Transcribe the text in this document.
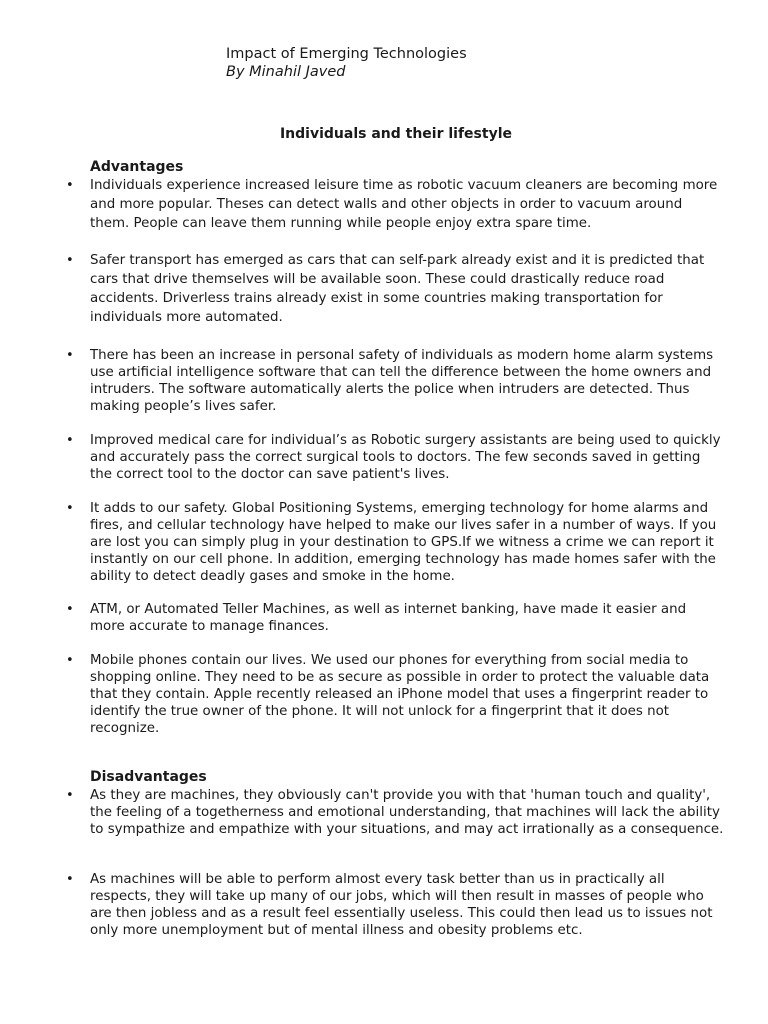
Impact of Emerging Technologies

By Minahil Javed

Individuals and their lifestyle

Advantages

• Individuals experience increased leisure time as robotic vacuum cleaners are becoming more and more popular. Theses can detect walls and other objects in order to vacuum around them. People can leave them running while people enjoy extra spare time.
• Safer transport has emerged as cars that can self-park already exist and it is predicted that cars that drive themselves will be available soon. These could drastically reduce road accidents. Driverless trains already exist in some countries making transportation for individuals more automated.
• There has been an increase in personal safety of individuals as modern home alarm systems use artificial intelligence software that can tell the difference between the home owners and intruders. The software automatically alerts the police when intruders are detected. Thus making people’s lives safer.
• Improved medical care for individual’s as Robotic surgery assistants are being used to quickly and accurately pass the correct surgical tools to doctors. The few seconds saved in getting the correct tool to the doctor can save patient's lives.
• It adds to our safety. Global Positioning Systems, emerging technology for home alarms and fires, and cellular technology have helped to make our lives safer in a number of ways. If you are lost you can simply plug in your destination to GPS.If we witness a crime we can report it instantly on our cell phone. In addition, emerging technology has made homes safer with the ability to detect deadly gases and smoke in the home.
• ATM, or Automated Teller Machines, as well as internet banking, have made it easier and more accurate to manage finances.
• Mobile phones contain our lives. We used our phones for everything from social media to shopping online. They need to be as secure as possible in order to protect the valuable data that they contain. Apple recently released an iPhone model that uses a fingerprint reader to identify the true owner of the phone. It will not unlock for a fingerprint that it does not recognize.

Disadvantages

• As they are machines, they obviously can't provide you with that 'human touch and quality', the feeling of a togetherness and emotional understanding, that machines will lack the ability to sympathize and empathize with your situations, and may act irrationally as a consequence.
• As machines will be able to perform almost every task better than us in practically all respects, they will take up many of our jobs, which will then result in masses of people who are then jobless and as a result feel essentially useless. This could then lead us to issues not only more unemployment but of mental illness and obesity problems etc.
